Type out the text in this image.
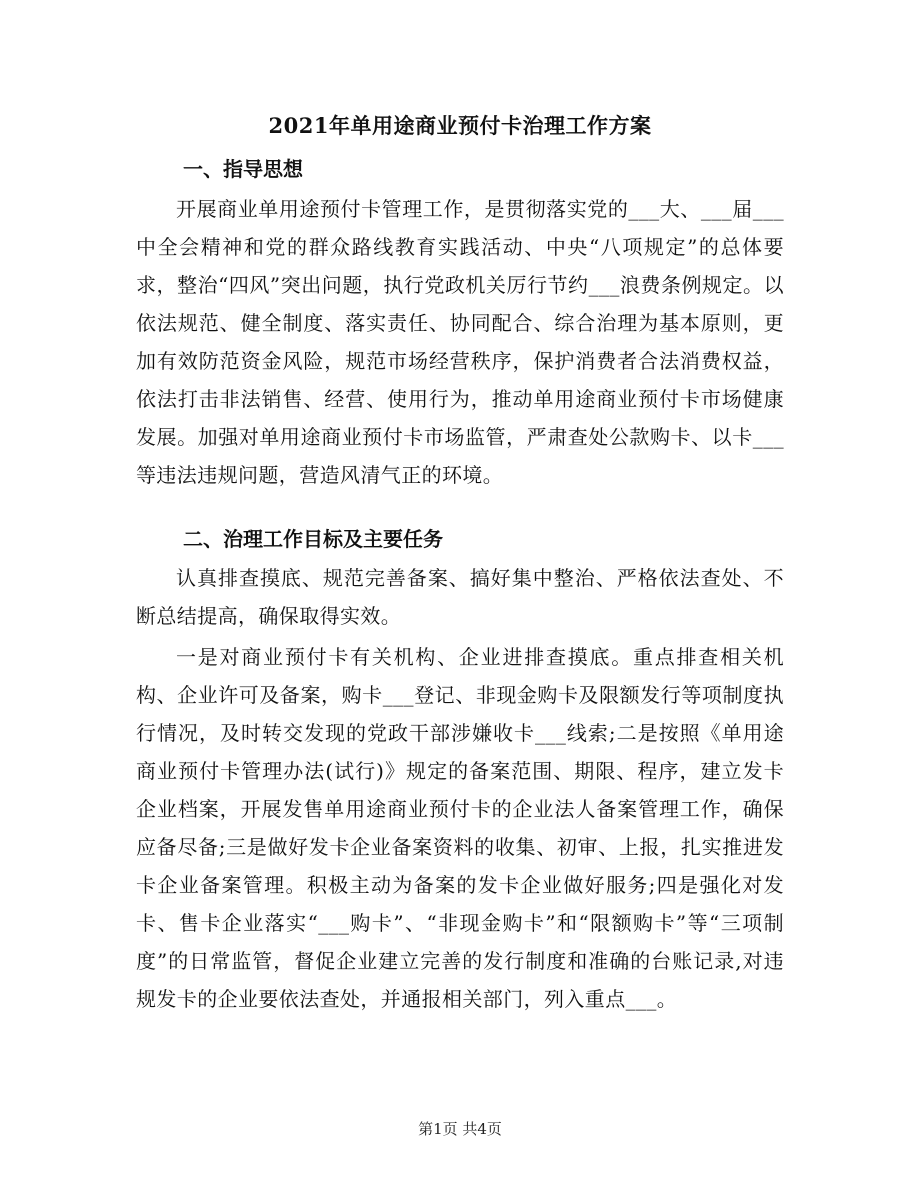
2021年单用途商业预付卡治理工作方案
一、指导思想
开展商业单用途预付卡管理工作，是贯彻落实党的___大、___届___中全会精神和党的群众路线教育实践活动、中央“八项规定”的总体要求，整治“四风”突出问题，执行党政机关厉行节约___浪费条例规定。以依法规范、健全制度、落实责任、协同配合、综合治理为基本原则，更加有效防范资金风险，规范市场经营秩序，保护消费者合法消费权益，依法打击非法销售、经营、使用行为，推动单用途商业预付卡市场健康发展。加强对单用途商业预付卡市场监管，严肃查处公款购卡、以卡___等违法违规问题，营造风清气正的环境。
二、治理工作目标及主要任务
认真排查摸底、规范完善备案、搞好集中整治、严格依法查处、不断总结提高，确保取得实效。
一是对商业预付卡有关机构、企业进排查摸底。重点排查相关机构、企业许可及备案，购卡___登记、非现金购卡及限额发行等项制度执行情况，及时转交发现的党政干部涉嫌收卡___线索;二是按照《单用途商业预付卡管理办法(试行)》规定的备案范围、期限、程序，建立发卡企业档案，开展发售单用途商业预付卡的企业法人备案管理工作，确保应备尽备;三是做好发卡企业备案资料的收集、初审、上报，扎实推进发卡企业备案管理。积极主动为备案的发卡企业做好服务;四是强化对发卡、售卡企业落实“___购卡”、“非现金购卡”和“限额购卡”等“三项制度”的日常监管，督促企业建立完善的发行制度和准确的台账记录,对违规发卡的企业要依法查处，并通报相关部门，列入重点___。
第1页 共4页
